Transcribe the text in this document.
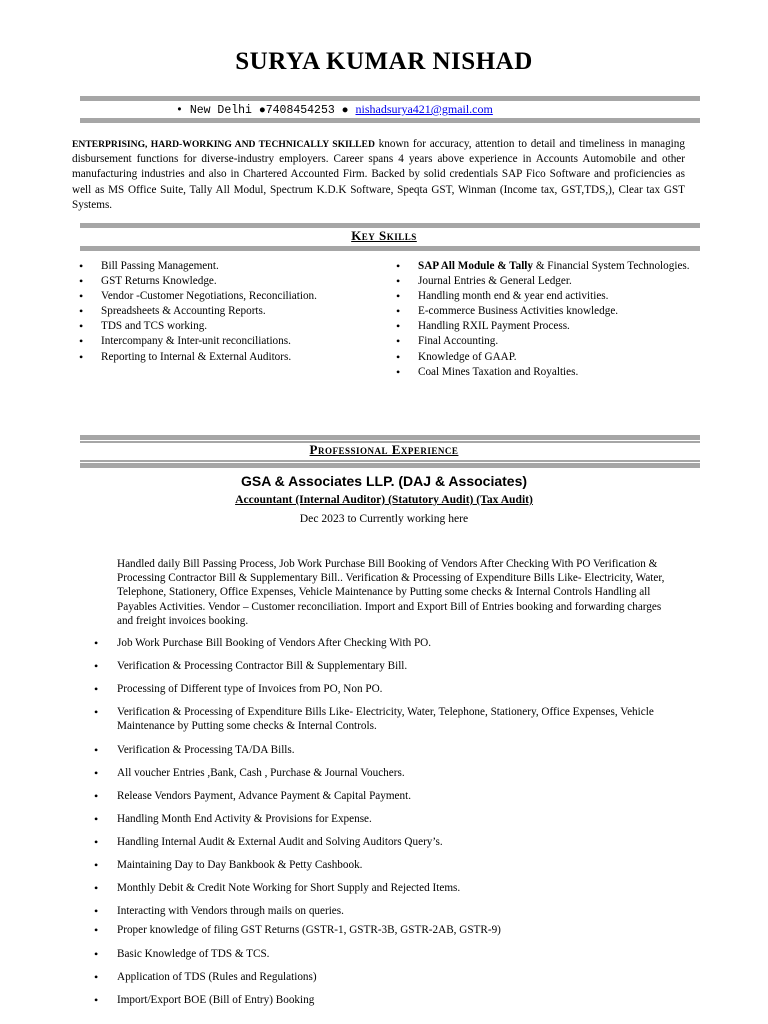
SURYA KUMAR NISHAD
• New Delhi ●7408454253 ● nishadsurya421@gmail.com
ENTERPRISING, HARD-WORKING AND TECHNICALLY SKILLED known for accuracy, attention to detail and timeliness in managing disbursement functions for diverse-industry employers. Career spans 4 years above experience in Accounts Automobile and other manufacturing industries and also in Chartered Accounted Firm. Backed by solid credentials SAP Fico Software and proficiencies as well as MS Office Suite, Tally All Modul, Spectrum K.D.K Software, Speqta GST, Winman (Income tax, GST,TDS,), Clear tax GST Systems.
Key Skills
• Bill Passing Management.
• GST Returns Knowledge.
• Vendor -Customer Negotiations, Reconciliation.
• Spreadsheets & Accounting Reports.
• TDS and TCS working.
• Intercompany & Inter-unit reconciliations.
• Reporting to Internal & External Auditors.
• SAP All Module & Tally & Financial System Technologies.
• Journal Entries & General Ledger.
• Handling month end & year end activities.
• E-commerce Business Activities knowledge.
• Handling RXIL Payment Process.
• Final Accounting.
• Knowledge of GAAP.
• Coal Mines Taxation and Royalties.
Professional Experience
GSA & Associates LLP. (DAJ & Associates)
Accountant (Internal Auditor) (Statutory Audit) (Tax Audit)
Dec 2023 to Currently working here
Handled daily Bill Passing Process, Job Work Purchase Bill Booking of Vendors After Checking With PO Verification & Processing Contractor Bill & Supplementary Bill.. Verification & Processing of Expenditure Bills Like- Electricity, Water, Telephone, Stationery, Office Expenses, Vehicle Maintenance by Putting some checks & Internal Controls Handling all Payables Activities. Vendor – Customer reconciliation. Import and Export Bill of Entries booking and forwarding charges and freight invoices booking.
• Job Work Purchase Bill Booking of Vendors After Checking With PO.
• Verification & Processing Contractor Bill & Supplementary Bill.
• Processing of Different type of Invoices from PO, Non PO.
• Verification & Processing of Expenditure Bills Like- Electricity, Water, Telephone, Stationery, Office Expenses, Vehicle Maintenance by Putting some checks & Internal Controls.
• Verification & Processing TA/DA Bills.
• All voucher Entries ,Bank, Cash , Purchase & Journal Vouchers.
• Release Vendors Payment, Advance Payment & Capital Payment.
• Handling Month End Activity & Provisions for Expense.
• Handling Internal Audit & External Audit and Solving Auditors Query’s.
• Maintaining Day to Day Bankbook & Petty Cashbook.
• Monthly Debit & Credit Note Working for Short Supply and Rejected Items.
• Interacting with Vendors through mails on queries.
• Proper knowledge of filing GST Returns (GSTR-1, GSTR-3B, GSTR-2AB, GSTR-9)
• Basic Knowledge of TDS & TCS.
• Application of TDS (Rules and Regulations)
• Import/Export BOE (Bill of Entry) Booking
